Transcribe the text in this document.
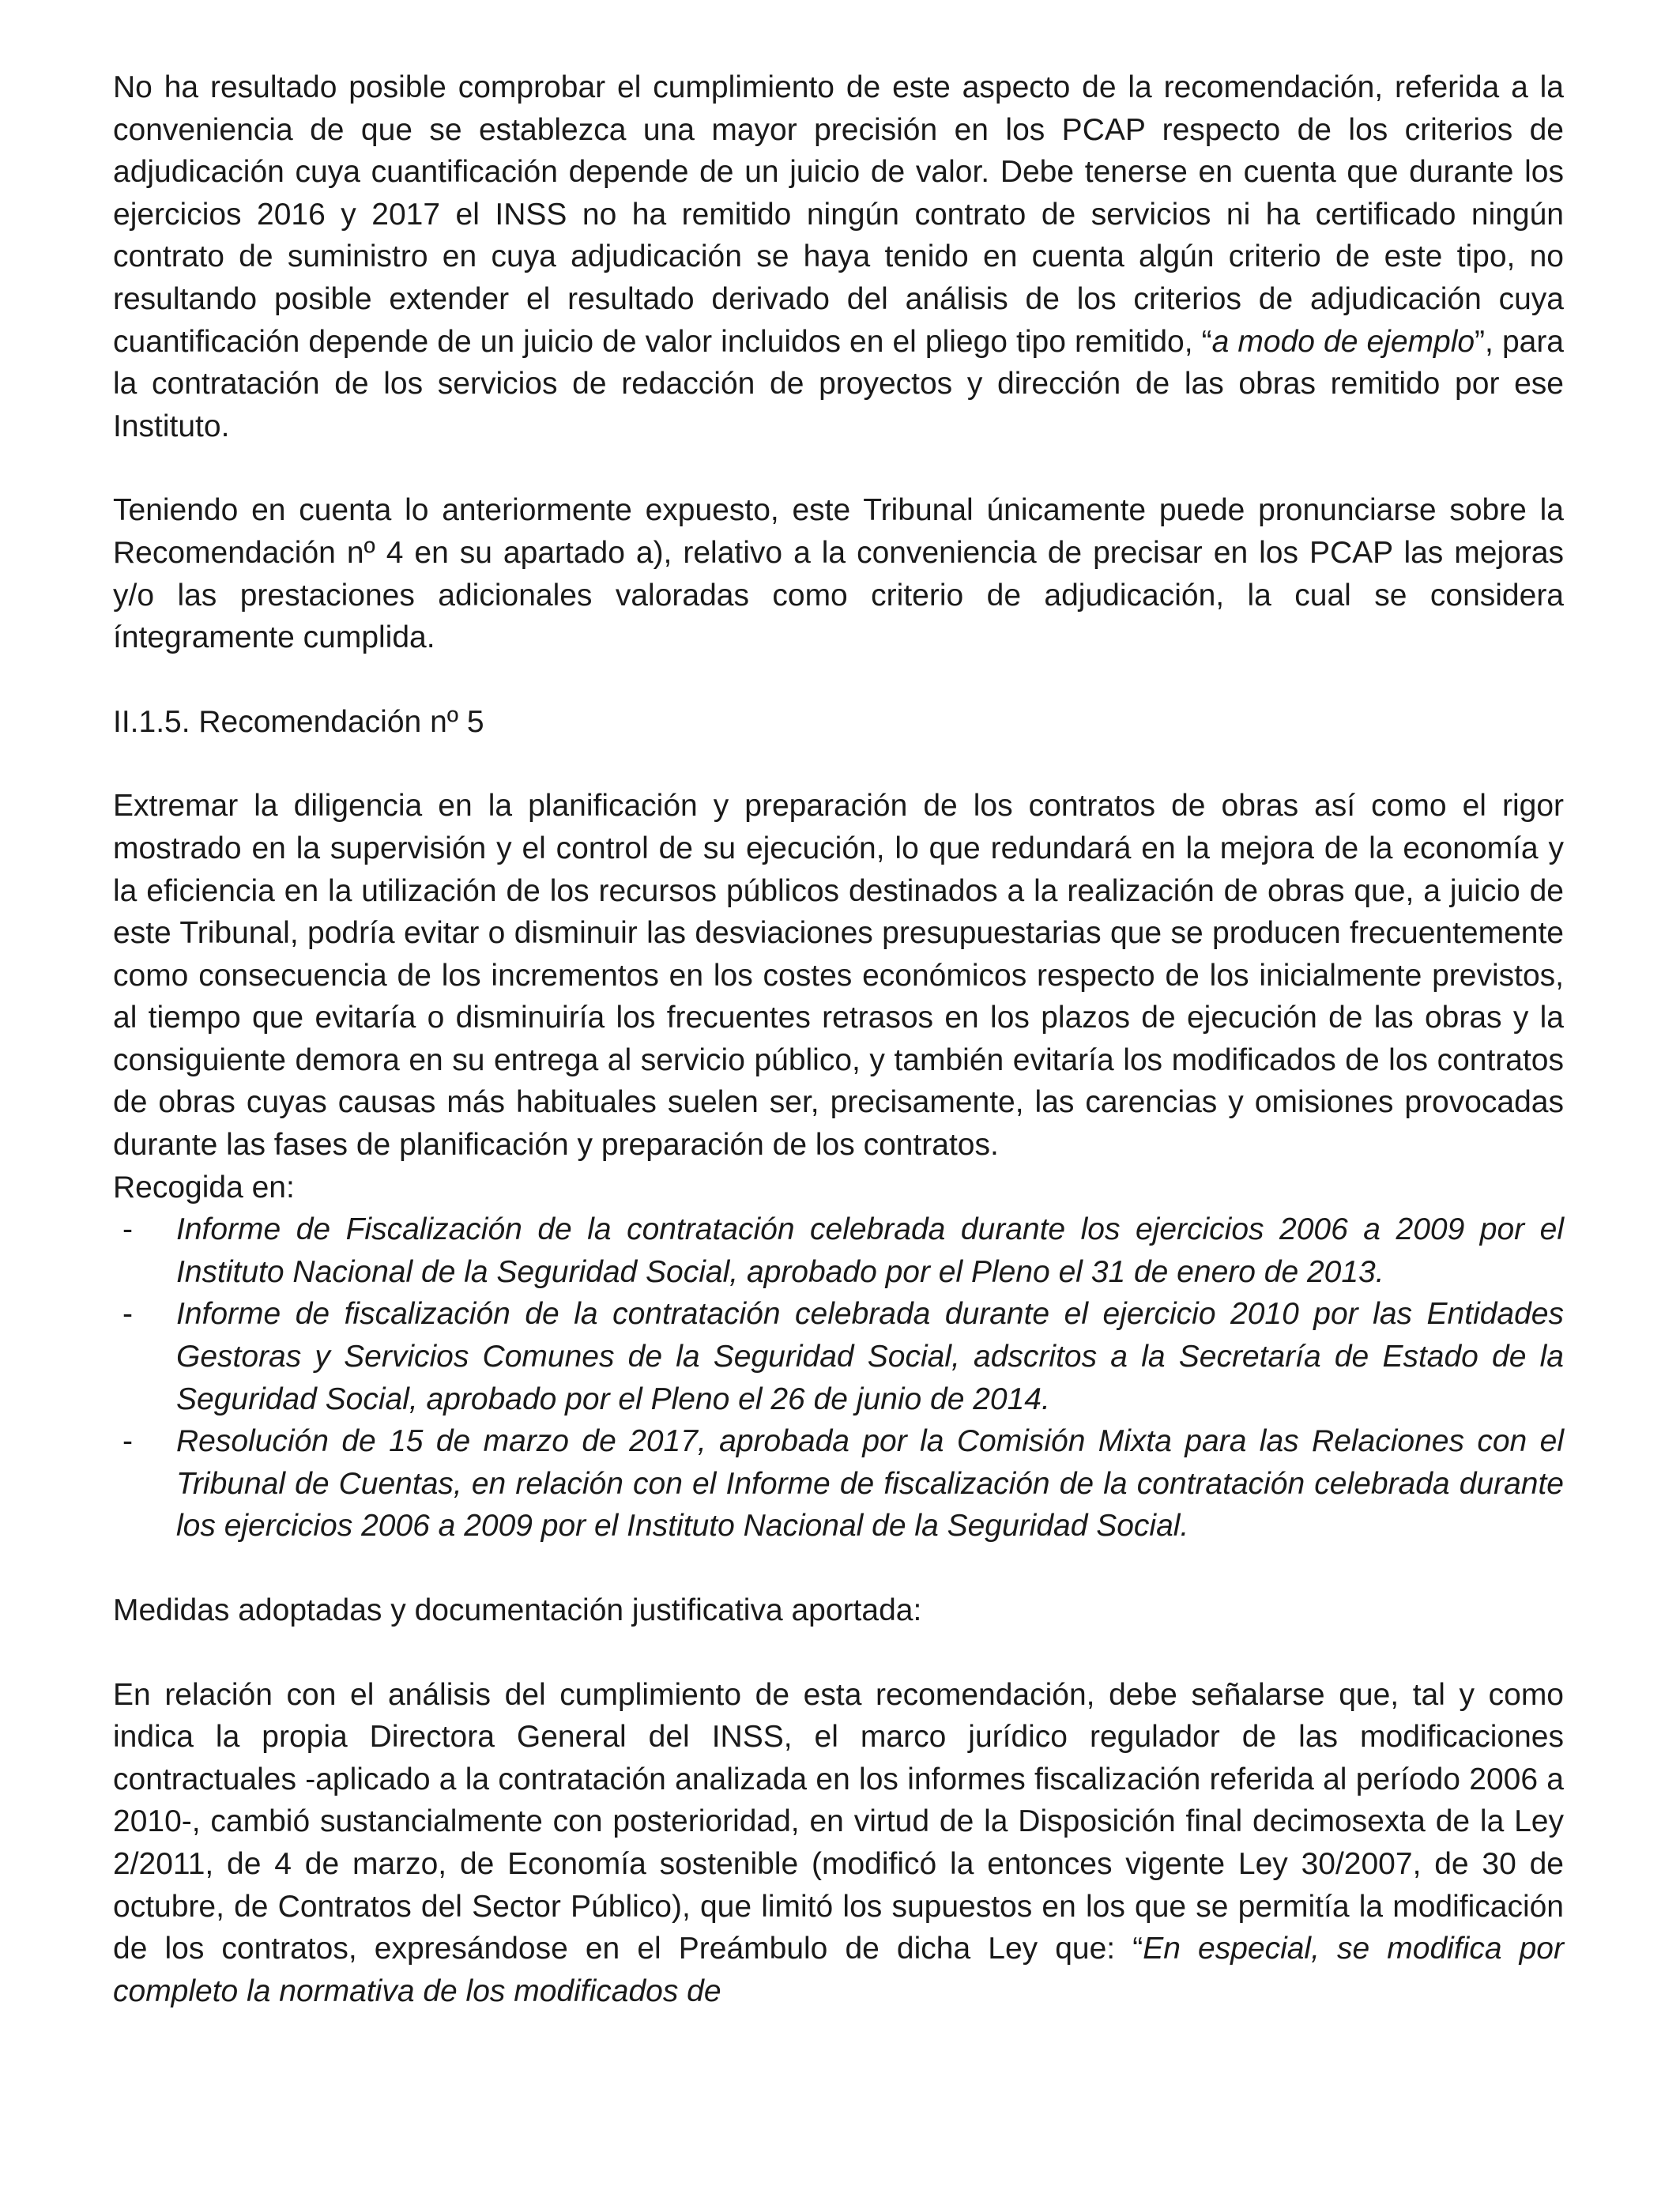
No ha resultado posible comprobar el cumplimiento de este aspecto de la recomendación, referida a la conveniencia de que se establezca una mayor precisión en los PCAP respecto de los criterios de adjudicación cuya cuantificación depende de un juicio de valor. Debe tenerse en cuenta que durante los ejercicios 2016 y 2017 el INSS no ha remitido ningún contrato de servicios ni ha certificado ningún contrato de suministro en cuya adjudicación se haya tenido en cuenta algún criterio de este tipo, no resultando posible extender el resultado derivado del análisis de los criterios de adjudicación cuya cuantificación depende de un juicio de valor incluidos en el pliego tipo remitido, “a modo de ejemplo”, para la contratación de los servicios de redacción de proyectos y dirección de las obras remitido por ese Instituto.

Teniendo en cuenta lo anteriormente expuesto, este Tribunal únicamente puede pronunciarse sobre la Recomendación nº 4 en su apartado a), relativo a la conveniencia de precisar en los PCAP las mejoras y/o las prestaciones adicionales valoradas como criterio de adjudicación, la cual se considera íntegramente cumplida.

II.1.5. Recomendación nº 5

Extremar la diligencia en la planificación y preparación de los contratos de obras así como el rigor mostrado en la supervisión y el control de su ejecución, lo que redundará en la mejora de la economía y la eficiencia en la utilización de los recursos públicos destinados a la realización de obras que, a juicio de este Tribunal, podría evitar o disminuir las desviaciones presupuestarias que se producen frecuentemente como consecuencia de los incrementos en los costes económicos respecto de los inicialmente previstos, al tiempo que evitaría o disminuiría los frecuentes retrasos en los plazos de ejecución de las obras y la consiguiente demora en su entrega al servicio público, y también evitaría los modificados de los contratos de obras cuyas causas más habituales suelen ser, precisamente, las carencias y omisiones provocadas durante las fases de planificación y preparación de los contratos.

Recogida en:

- Informe de Fiscalización de la contratación celebrada durante los ejercicios 2006 a 2009 por el Instituto Nacional de la Seguridad Social, aprobado por el Pleno el 31 de enero de 2013.
- Informe de fiscalización de la contratación celebrada durante el ejercicio 2010 por las Entidades Gestoras y Servicios Comunes de la Seguridad Social, adscritos a la Secretaría de Estado de la Seguridad Social, aprobado por el Pleno el 26 de junio de 2014.
- Resolución de 15 de marzo de 2017, aprobada por la Comisión Mixta para las Relaciones con el Tribunal de Cuentas, en relación con el Informe de fiscalización de la contratación celebrada durante los ejercicios 2006 a 2009 por el Instituto Nacional de la Seguridad Social.

Medidas adoptadas y documentación justificativa aportada:

En relación con el análisis del cumplimiento de esta recomendación, debe señalarse que, tal y como indica la propia Directora General del INSS, el marco jurídico regulador de las modificaciones contractuales -aplicado a la contratación analizada en los informes fiscalización referida al período 2006 a 2010-, cambió sustancialmente con posterioridad, en virtud de la Disposición final decimosexta de la Ley 2/2011, de 4 de marzo, de Economía sostenible (modificó la entonces vigente Ley 30/2007, de 30 de octubre, de Contratos del Sector Público), que limitó los supuestos en los que se permitía la modificación de los contratos, expresándose en el Preámbulo de dicha Ley que: “En especial, se modifica por completo la normativa de los modificados de
